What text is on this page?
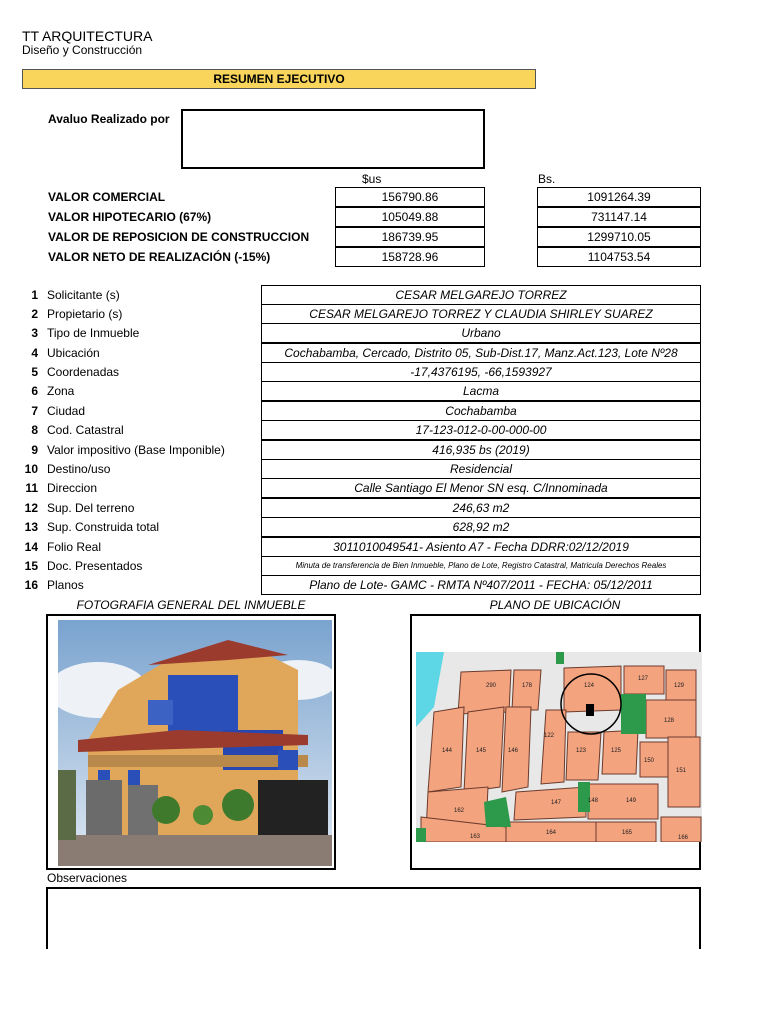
TT ARQUITECTURA
Diseño y Construcción
RESUMEN EJECUTIVO
Avaluo Realizado por
$us	Bs.
VALOR COMERCIAL	156790.86	1091264.39
VALOR HIPOTECARIO (67%)	105049.88	731147.14
VALOR DE REPOSICION DE CONSTRUCCION	186739.95	1299710.05
VALOR NETO DE REALIZACIÓN (-15%)	158728.96	1104753.54
1 Solicitante (s)	CESAR MELGAREJO TORREZ
2 Propietario (s)	CESAR MELGAREJO TORREZ Y CLAUDIA SHIRLEY SUAREZ
3 Tipo de Inmueble	Urbano
4 Ubicación	Cochabamba, Cercado, Distrito 05, Sub-Dist.17, Manz.Act.123, Lote Nº28
5 Coordenadas	-17,4376195, -66,1593927
6 Zona	Lacma
7 Ciudad	Cochabamba
8 Cod. Catastral	17-123-012-0-00-000-00
9 Valor impositivo (Base Imponible)	416,935 bs (2019)
10 Destino/uso	Residencial
11 Direccion	Calle Santiago El Menor SN esq. C/Innominada
12 Sup. Del terreno	246,63 m2
13 Sup. Construida total	628,92 m2
14 Folio Real	3011010049541- Asiento A7 - Fecha DDRR:02/12/2019
15 Doc. Presentados	Minuta de transferencia de Bien Inmueble, Plano de Lote, Registro Catastral, Matricula Derechos Reales
16 Planos	Plano de Lote- GAMC - RMTA Nº407/2011 - FECHA: 05/12/2011
FOTOGRAFIA GENERAL DEL INMUEBLE	PLANO DE UBICACIÓN
290	178	124
127
129
128
144	145	146
122
123	125
150
151
162
147	148	149
164	165
163	166
Observaciones
